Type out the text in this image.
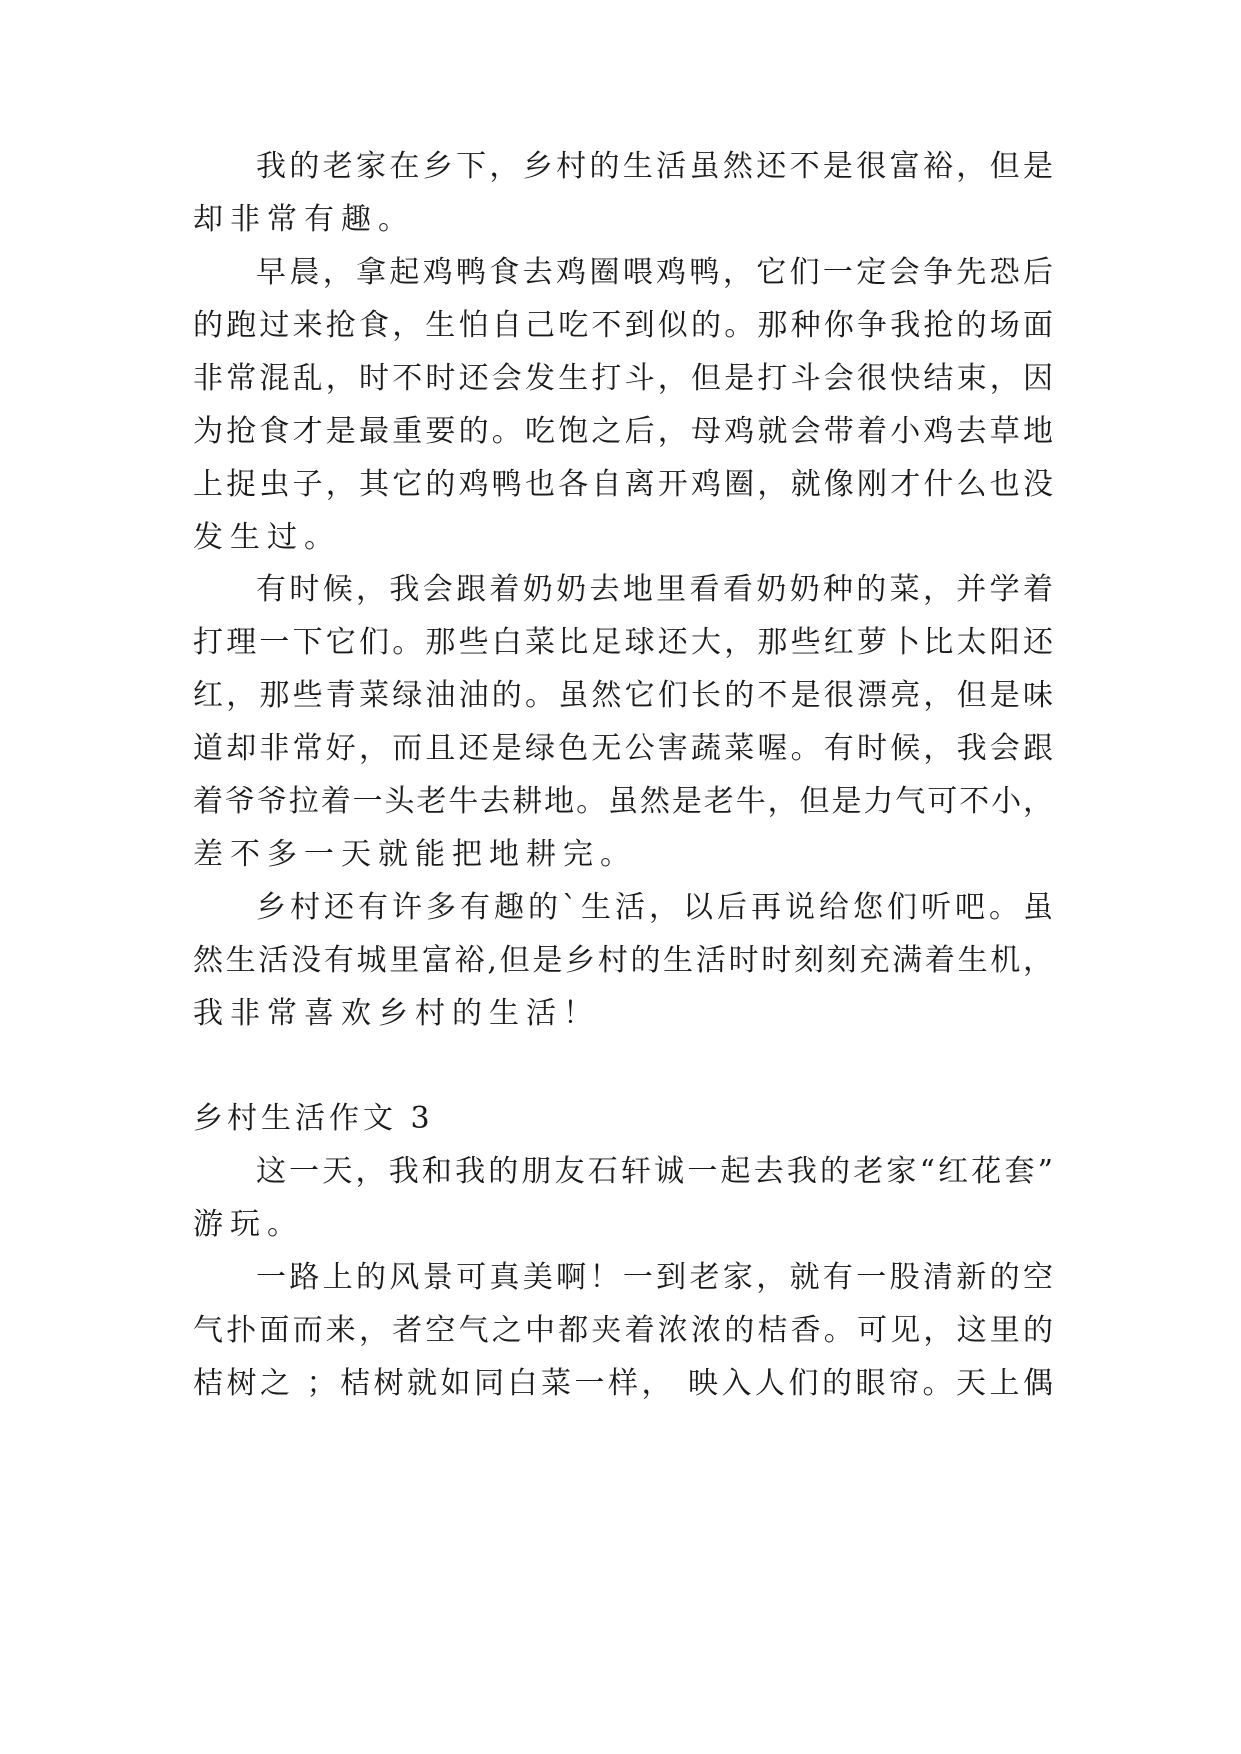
我的老家在乡下，乡村的生活虽然还不是很富裕，但是
却非常有趣。
早晨，拿起鸡鸭食去鸡圈喂鸡鸭，它们一定会争先恐后
的跑过来抢食，生怕自己吃不到似的。那种你争我抢的场面
非常混乱，时不时还会发生打斗，但是打斗会很快结束，因
为抢食才是最重要的。吃饱之后，母鸡就会带着小鸡去草地
上捉虫子，其它的鸡鸭也各自离开鸡圈，就像刚才什么也没
发生过。
有时候，我会跟着奶奶去地里看看奶奶种的菜，并学着
打理一下它们。那些白菜比足球还大，那些红萝卜比太阳还
红，那些青菜绿油油的。虽然它们长的不是很漂亮，但是味
道却非常好，而且还是绿色无公害蔬菜喔。有时候，我会跟
着爷爷拉着一头老牛去耕地。虽然是老牛，但是力气可不小，
差不多一天就能把地耕完。
乡村还有许多有趣的`生活，以后再说给您们听吧。虽
然生活没有城里富裕,但是乡村的生活时时刻刻充满着生机，
我非常喜欢乡村的生活！
乡村生活作文 3
这一天，我和我的朋友石轩诚一起去我的老家“红花套”
游玩。
一路上的风景可真美啊！一到老家，就有一股清新的空
气扑面而来，者空气之中都夹着浓浓的桔香。可见，这里的
桔树之 ；桔树就如同白菜一样， 映入人们的眼帘。天上偶
